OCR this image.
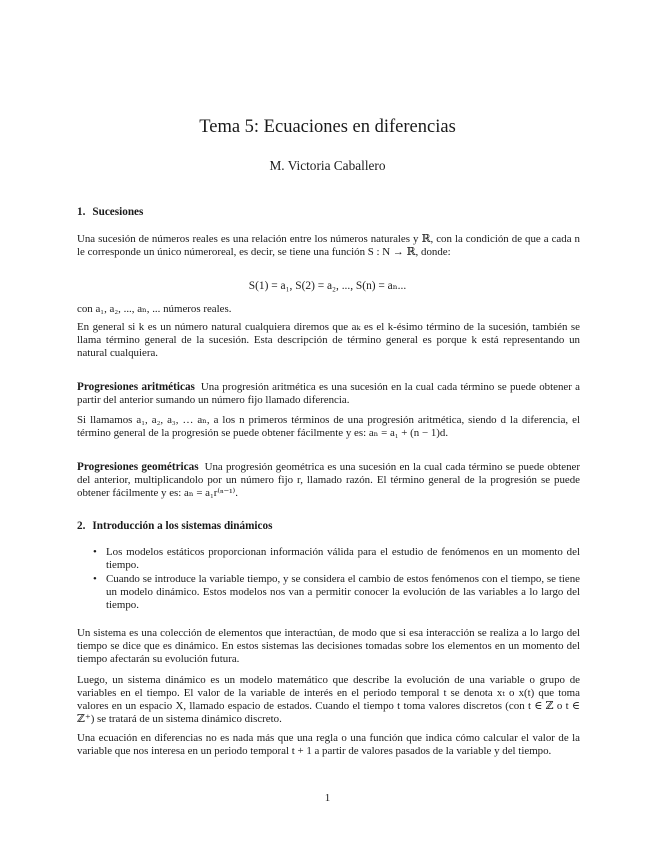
Tema 5: Ecuaciones en diferencias
M. Victoria Caballero
1. Sucesiones

Una sucesión de números reales es una relación entre los números naturales y ℝ, con la condición de que a cada n le corresponde un único númeroreal, es decir, se tiene una función S : N → ℝ, donde:

S(1) = a₁, S(2) = a₂, ..., S(n) = aₙ...

con a₁, a₂, ..., aₙ, ... números reales.

En general si k es un número natural cualquiera diremos que aₖ es el k-ésimo término de la sucesión, también se llama término general de la sucesión. Esta descripción de término general es porque k está representando un natural cualquiera.

Progresiones aritméticas Una progresión aritmética es una sucesión en la cual cada término se puede obtener a partir del anterior sumando un número fijo llamado diferencia.

Si llamamos a₁, a₂, a₃, … aₙ, a los n primeros términos de una progresión aritmética, siendo d la diferencia, el término general de la progresión se puede obtener fácilmente y es: aₙ = a₁ + (n − 1)d.

Progresiones geométricas Una progresión geométrica es una sucesión en la cual cada término se puede obtener del anterior, multiplicandolo por un número fijo r, llamado razón. El término general de la progresión se puede obtener fácilmente y es: aₙ = a₁r⁽ⁿ⁻¹⁾.

2. Introducción a los sistemas dinámicos
• Los modelos estáticos proporcionan información válida para el estudio de fenómenos en un momento del tiempo.
• Cuando se introduce la variable tiempo, y se considera el cambio de estos fenómenos con el tiempo, se tiene un modelo dinámico. Estos modelos nos van a permitir conocer la evolución de las variables a lo largo del tiempo.

Un sistema es una colección de elementos que interactúan, de modo que si esa interacción se realiza a lo largo del tiempo se dice que es dinámico. En estos sistemas las decisiones tomadas sobre los elementos en un momento del tiempo afectarán su evolución futura.

Luego, un sistema dinámico es un modelo matemático que describe la evolución de una variable o grupo de variables en el tiempo. El valor de la variable de interés en el periodo temporal t se denota xₜ o x(t) que toma valores en un espacio X, llamado espacio de estados. Cuando el tiempo t toma valores discretos (con t ∈ ℤ o t ∈ ℤ⁺) se tratará de un sistema dinámico discreto.

Una ecuación en diferencias no es nada más que una regla o una función que indica cómo calcular el valor de la variable que nos interesa en un periodo temporal t + 1 a partir de valores pasados de la variable y del tiempo.

1
